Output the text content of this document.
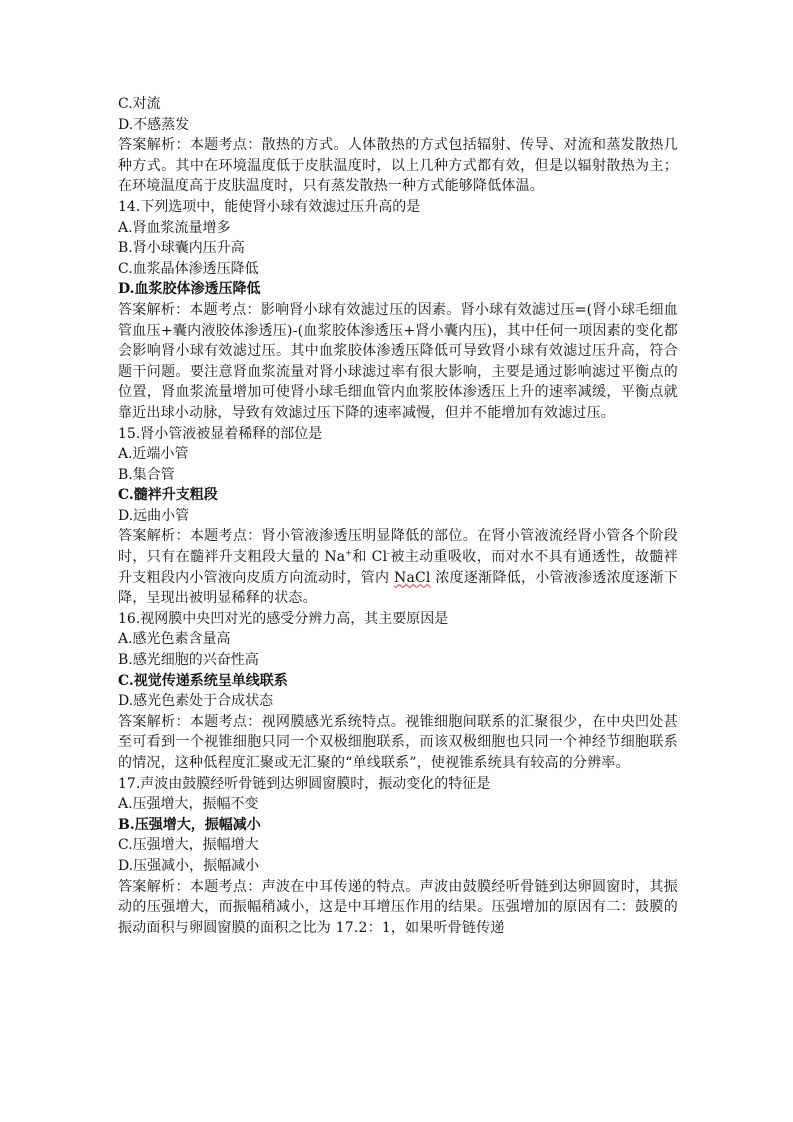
C.对流
D.不感蒸发
答案解析：本题考点：散热的方式。人体散热的方式包括辐射、传导、对流和蒸发散热几种方式。其中在环境温度低于皮肤温度时，以上几种方式都有效，但是以辐射散热为主；在环境温度高于皮肤温度时，只有蒸发散热一种方式能够降低体温。
14.下列选项中，能使肾小球有效滤过压升高的是
A.肾血浆流量增多
B.肾小球囊内压升高
C.血浆晶体渗透压降低
D.血浆胶体渗透压降低
答案解析：本题考点：影响肾小球有效滤过压的因素。肾小球有效滤过压=(肾小球毛细血管血压+囊内液胶体渗透压)-(血浆胶体渗透压+肾小囊内压)，其中任何一项因素的变化都会影响肾小球有效滤过压。其中血浆胶体渗透压降低可导致肾小球有效滤过压升高，符合题干问题。要注意肾血浆流量对肾小球滤过率有很大影响，主要是通过影响滤过平衡点的位置，肾血浆流量增加可使肾小球毛细血管内血浆胶体渗透压上升的速率减缓，平衡点就靠近出球小动脉，导致有效滤过压下降的速率减慢，但并不能增加有效滤过压。
15.肾小管液被显着稀释的部位是
A.近端小管
B.集合管
C.髓袢升支粗段
D.远曲小管
答案解析：本题考点：肾小管液渗透压明显降低的部位。在肾小管液流经肾小管各个阶段时，只有在髓袢升支粗段大量的 Na+和 Cl-被主动重吸收，而对水不具有通透性，故髓袢升支粗段内小管液向皮质方向流动时，管内 NaCl 浓度逐渐降低，小管液渗透浓度逐渐下降，呈现出被明显稀释的状态。
16.视网膜中央凹对光的感受分辨力高，其主要原因是
A.感光色素含量高
B.感光细胞的兴奋性高
C.视觉传递系统呈单线联系
D.感光色素处于合成状态
答案解析：本题考点：视网膜感光系统特点。视锥细胞间联系的汇聚很少，在中央凹处甚至可看到一个视锥细胞只同一个双极细胞联系，而该双极细胞也只同一个神经节细胞联系的情况，这种低程度汇聚或无汇聚的“单线联系”，使视锥系统具有较高的分辨率。
17.声波由鼓膜经听骨链到达卵圆窗膜时，振动变化的特征是
A.压强增大，振幅不变
B.压强增大，振幅减小
C.压强增大，振幅增大
D.压强减小，振幅减小
答案解析：本题考点：声波在中耳传递的特点。声波由鼓膜经听骨链到达卵圆窗时，其振动的压强增大，而振幅稍减小，这是中耳增压作用的结果。压强增加的原因有二：鼓膜的振动面积与卵圆窗膜的面积之比为 17.2：1，如果听骨链传递
